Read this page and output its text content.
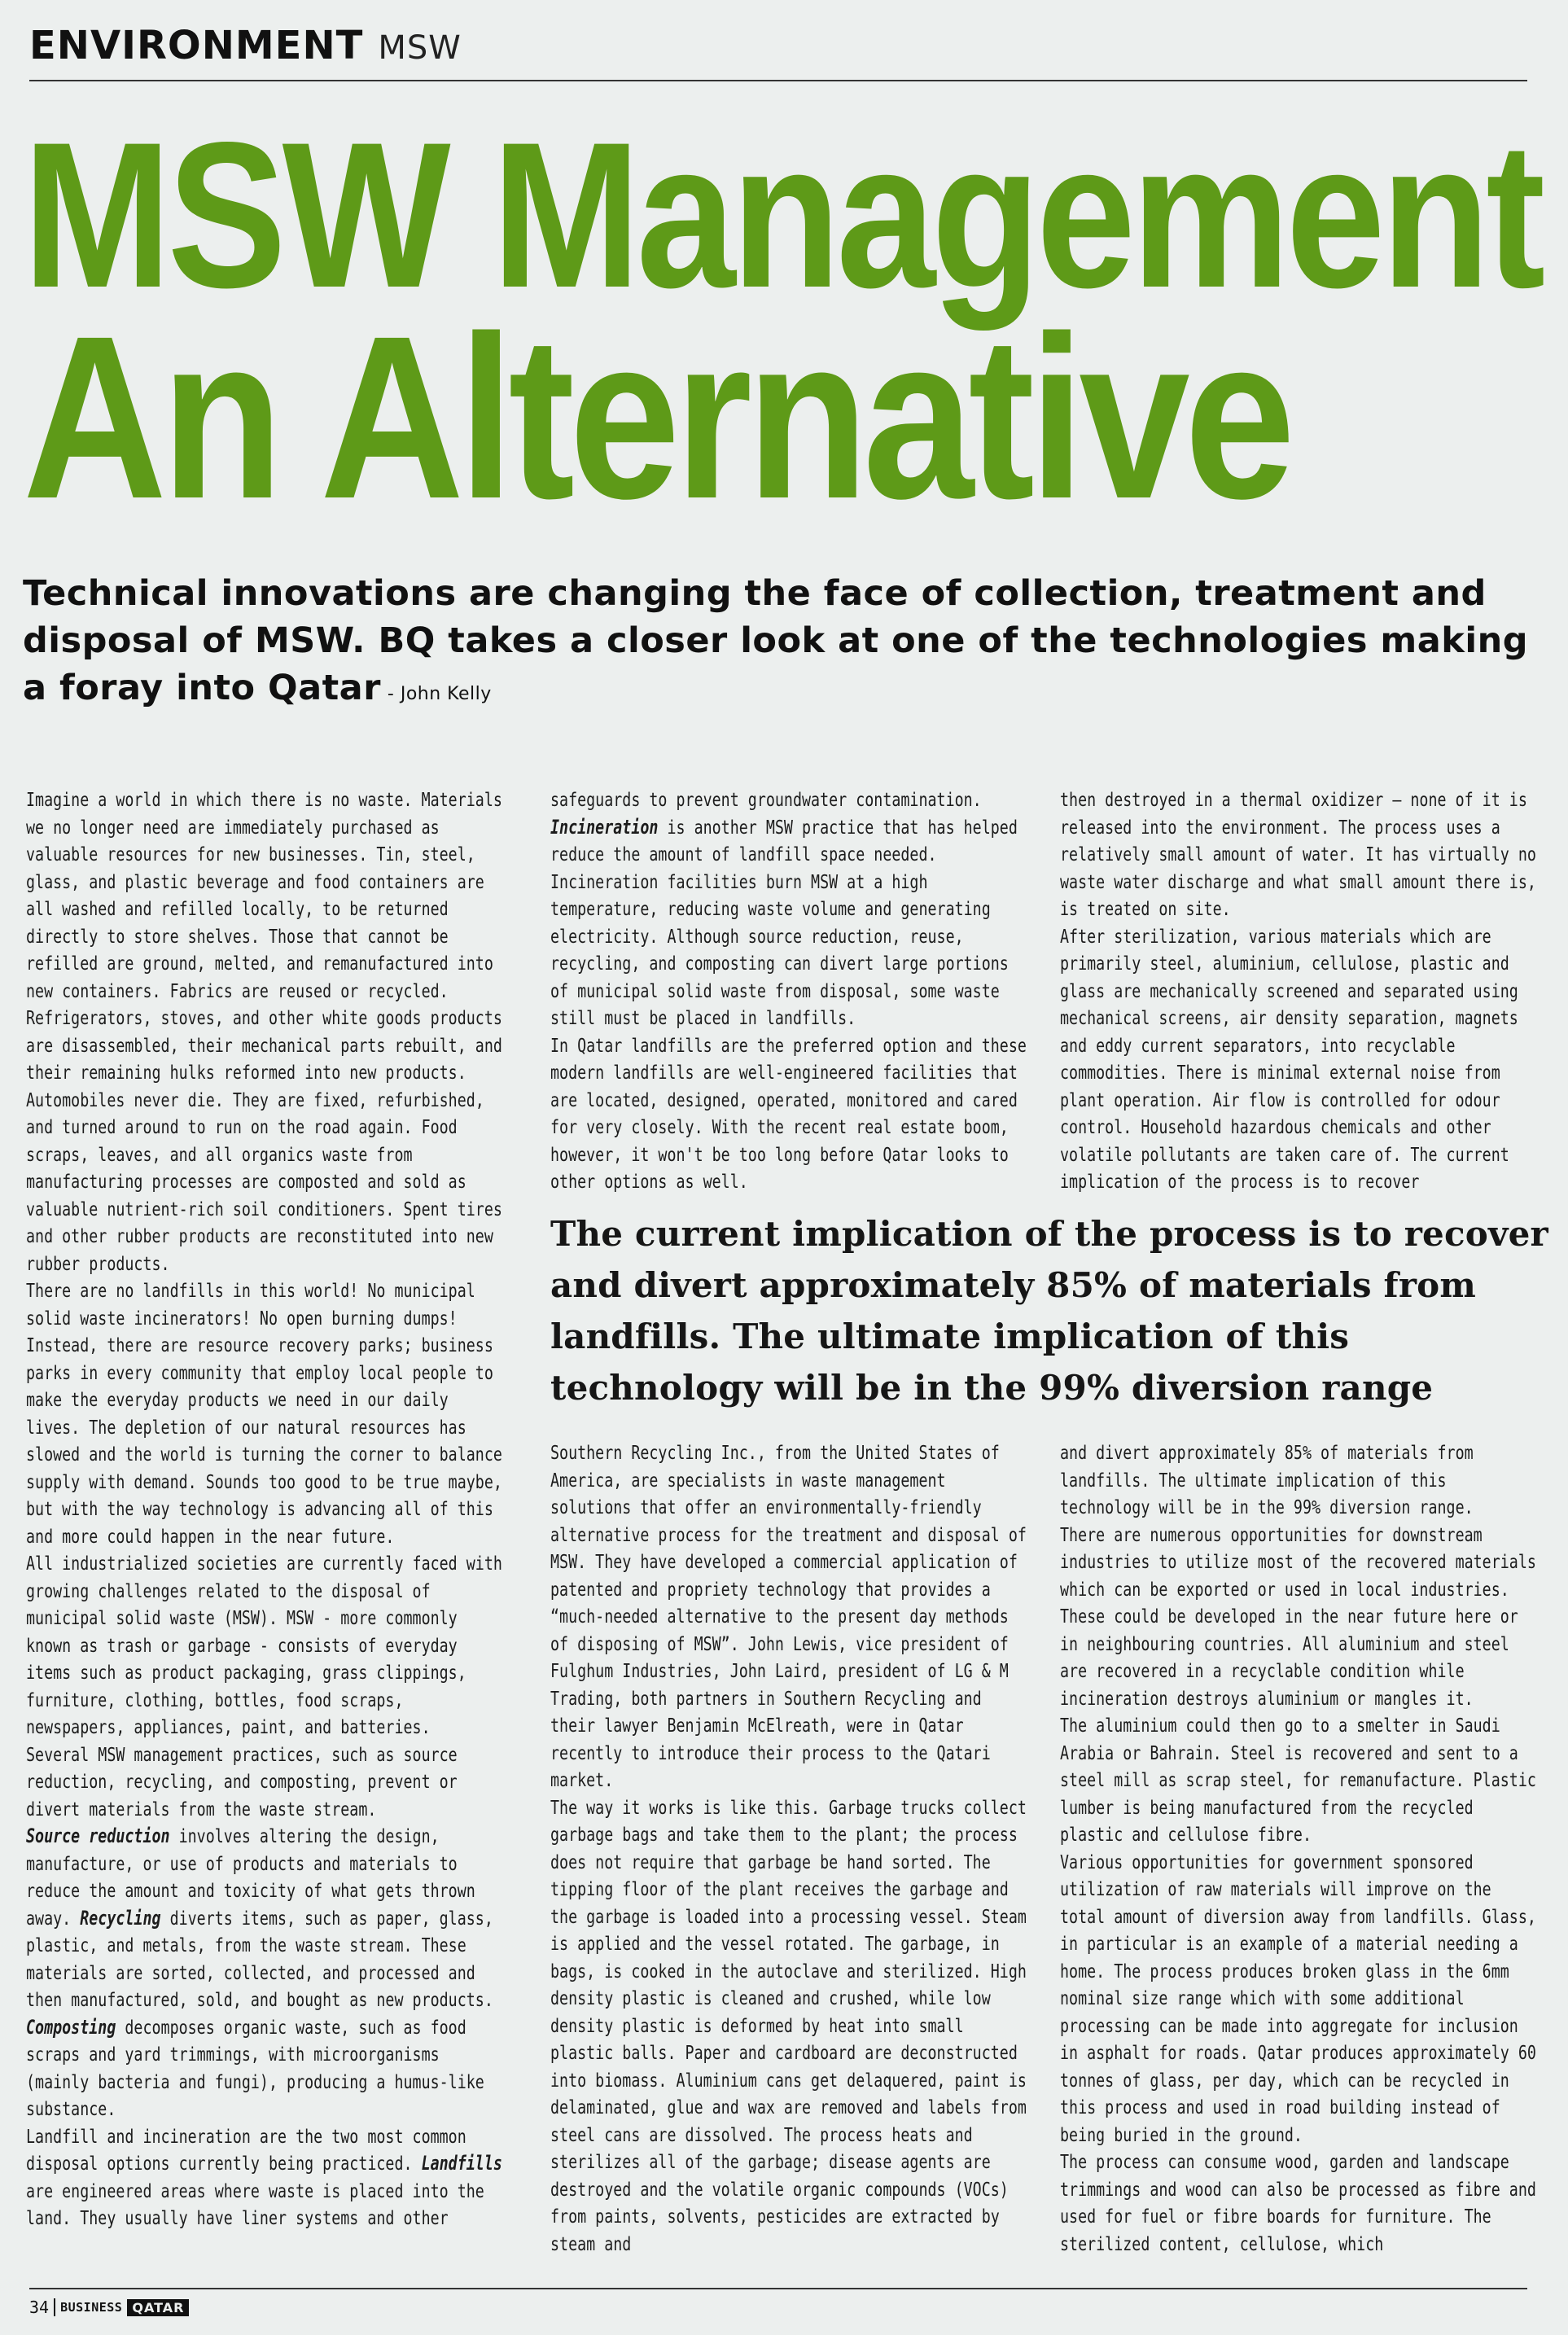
ENVIRONMENT MSW
MSW Management
An Alternative
Technical innovations are changing the face of collection, treatment and disposal of MSW. BQ takes a closer look at one of the technologies making a foray into Qatar - John Kelly

Imagine a world in which there is no waste. Materials we no longer need are immediately purchased as valuable resources for new businesses. Tin, steel, glass, and plastic beverage and food containers are all washed and refilled locally, to be returned directly to store shelves. Those that cannot be refilled are ground, melted, and remanufactured into new containers. Fabrics are reused or recycled. Refrigerators, stoves, and other white goods products are disassembled, their mechanical parts rebuilt, and their remaining hulks reformed into new products. Automobiles never die. They are fixed, refurbished, and turned around to run on the road again. Food scraps, leaves, and all organics waste from manufacturing processes are composted and sold as valuable nutrient-rich soil conditioners. Spent tires and other rubber products are reconstituted into new rubber products.

There are no landfills in this world! No municipal solid waste incinerators! No open burning dumps! Instead, there are resource recovery parks; business parks in every community that employ local people to make the everyday products we need in our daily lives. The depletion of our natural resources has slowed and the world is turning the corner to balance supply with demand. Sounds too good to be true maybe, but with the way technology is advancing all of this and more could happen in the near future.

All industrialized societies are currently faced with growing challenges related to the disposal of municipal solid waste (MSW). MSW - more commonly known as trash or garbage - consists of everyday items such as product packaging, grass clippings, furniture, clothing, bottles, food scraps, newspapers, appliances, paint, and batteries.

Several MSW management practices, such as source reduction, recycling, and composting, prevent or divert materials from the waste stream.

Source reduction involves altering the design, manufacture, or use of products and materials to reduce the amount and toxicity of what gets thrown away. Recycling diverts items, such as paper, glass, plastic, and metals, from the waste stream. These materials are sorted, collected, and processed and then manufactured, sold, and bought as new products. Composting decomposes organic waste, such as food scraps and yard trimmings, with microorganisms (mainly bacteria and fungi), producing a humus-like substance.

Landfill and incineration are the two most common disposal options currently being practiced. Landfills are engineered areas where waste is placed into the land. They usually have liner systems and other

safeguards to prevent groundwater contamination.

Incineration is another MSW practice that has helped reduce the amount of landfill space needed. Incineration facilities burn MSW at a high temperature, reducing waste volume and generating electricity. Although source reduction, reuse, recycling, and composting can divert large portions of municipal solid waste from disposal, some waste still must be placed in landfills.

In Qatar landfills are the preferred option and these modern landfills are well-engineered facilities that are located, designed, operated, monitored and cared for very closely. With the recent real estate boom, however, it won't be too long before Qatar looks to other options as well.

then destroyed in a thermal oxidizer – none of it is released into the environment. The process uses a relatively small amount of water. It has virtually no waste water discharge and what small amount there is, is treated on site.

After sterilization, various materials which are primarily steel, aluminium, cellulose, plastic and glass are mechanically screened and separated using mechanical screens, air density separation, magnets and eddy current separators, into recyclable commodities. There is minimal external noise from plant operation. Air flow is controlled for odour control. Household hazardous chemicals and other volatile pollutants are taken care of. The current implication of the process is to recover

The current implication of the process is to recover and divert approximately 85% of materials from landfills. The ultimate implication of this technology will be in the 99% diversion range

Southern Recycling Inc., from the United States of America, are specialists in waste management solutions that offer an environmentally-friendly alternative process for the treatment and disposal of MSW. They have developed a commercial application of patented and propriety technology that provides a “much-needed alternative to the present day methods of disposing of MSW”. John Lewis, vice president of Fulghum Industries, John Laird, president of LG & M Trading, both partners in Southern Recycling and their lawyer Benjamin McElreath, were in Qatar recently to introduce their process to the Qatari market.

The way it works is like this. Garbage trucks collect garbage bags and take them to the plant; the process does not require that garbage be hand sorted. The tipping floor of the plant receives the garbage and the garbage is loaded into a processing vessel. Steam is applied and the vessel rotated. The garbage, in bags, is cooked in the autoclave and sterilized. High density plastic is cleaned and crushed, while low density plastic is deformed by heat into small plastic balls. Paper and cardboard are deconstructed into biomass. Aluminium cans get delaquered, paint is delaminated, glue and wax are removed and labels from steel cans are dissolved. The process heats and sterilizes all of the garbage; disease agents are destroyed and the volatile organic compounds (VOCs) from paints, solvents, pesticides are extracted by steam and

and divert approximately 85% of materials from landfills. The ultimate implication of this technology will be in the 99% diversion range.

There are numerous opportunities for downstream industries to utilize most of the recovered materials which can be exported or used in local industries. These could be developed in the near future here or in neighbouring countries. All aluminium and steel are recovered in a recyclable condition while incineration destroys aluminium or mangles it.

The aluminium could then go to a smelter in Saudi Arabia or Bahrain. Steel is recovered and sent to a steel mill as scrap steel, for remanufacture. Plastic lumber is being manufactured from the recycled plastic and cellulose fibre.

Various opportunities for government sponsored utilization of raw materials will improve on the total amount of diversion away from landfills. Glass, in particular is an example of a material needing a home. The process produces broken glass in the 6mm nominal size range which with some additional processing can be made into aggregate for inclusion in asphalt for roads. Qatar produces approximately 60 tonnes of glass, per day, which can be recycled in this process and used in road building instead of being buried in the ground.

The process can consume wood, garden and landscape trimmings and wood can also be processed as fibre and used for fuel or fibre boards for furniture. The sterilized content, cellulose, which

34 BUSINESS QATAR
